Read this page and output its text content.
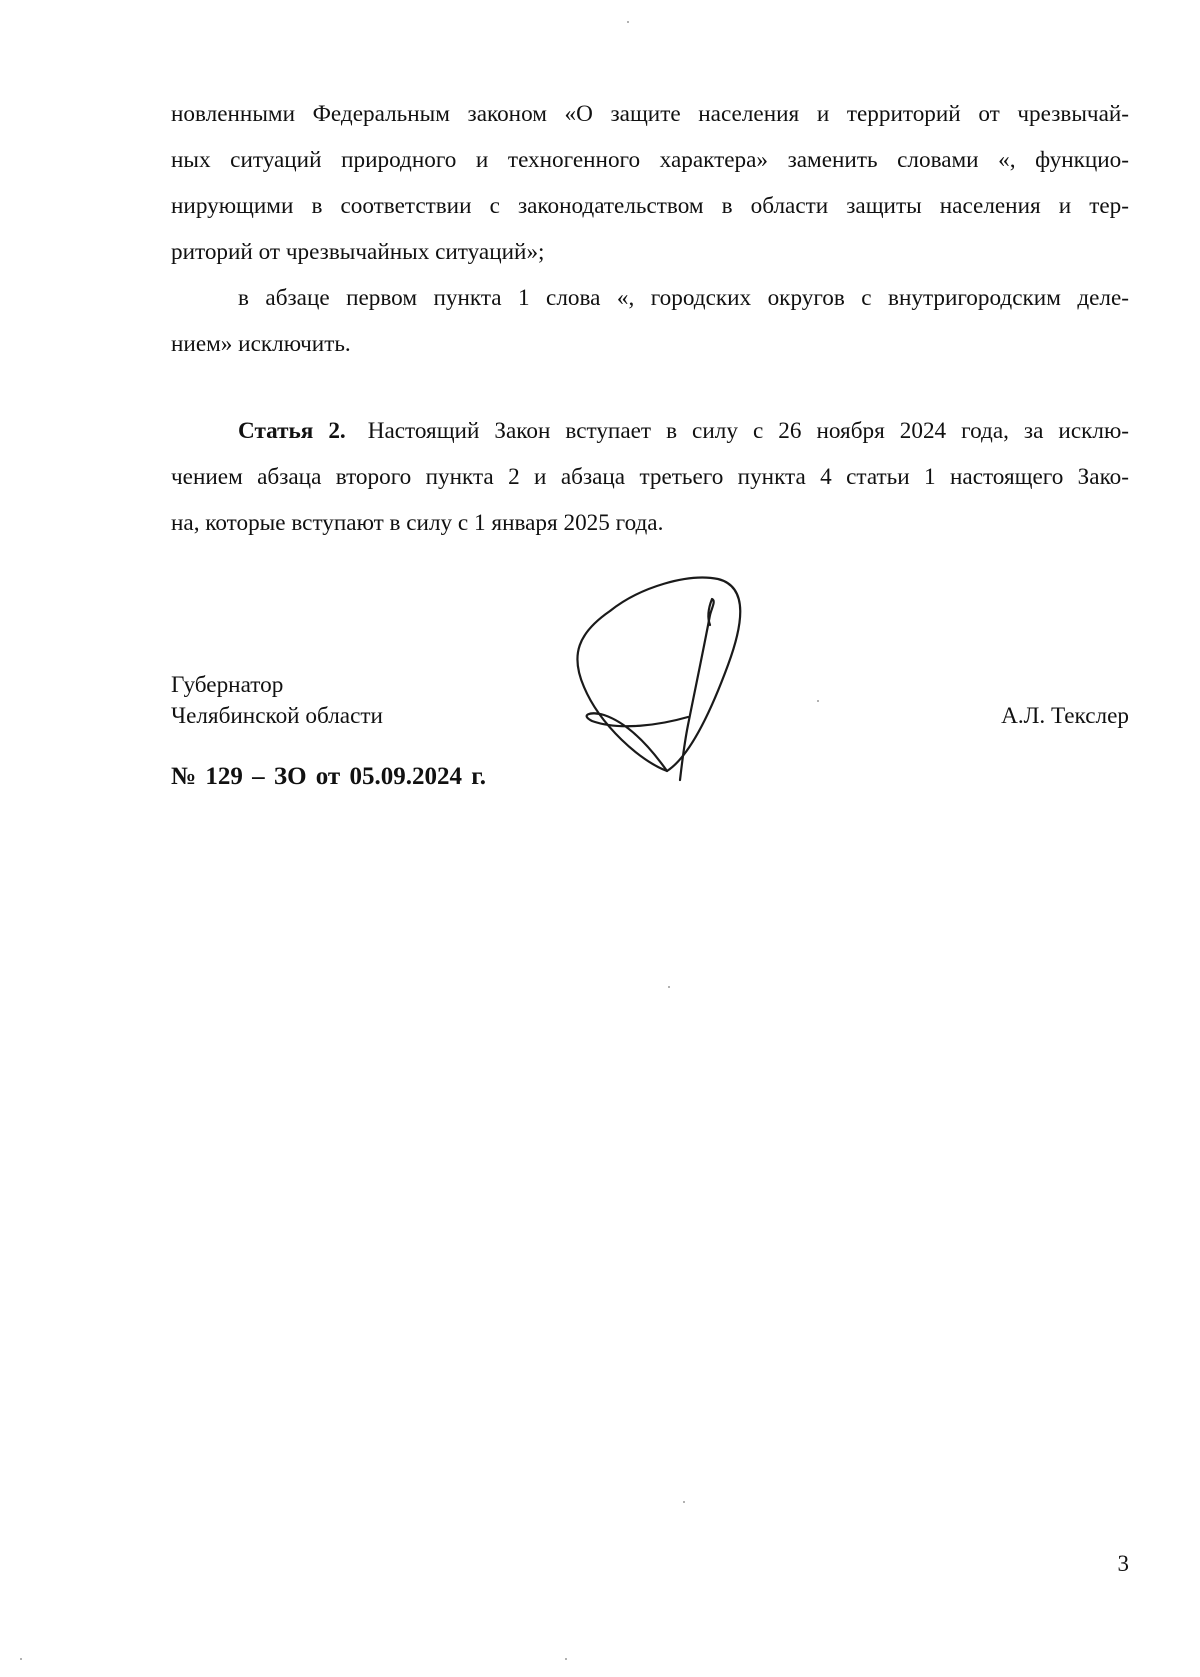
новленными Федеральным законом «О защите населения и территорий от чрезвычай-
ных ситуаций природного и техногенного характера» заменить словами «, функцио-
нирующими в соответствии с законодательством в области защиты населения и тер-
риторий от чрезвычайных ситуаций»;
в абзаце первом пункта 1 слова «, городских округов с внутригородским деле-
нием» исключить.
Статья 2. Настоящий Закон вступает в силу с 26 ноября 2024 года, за исклю-
чением абзаца второго пункта 2 и абзаца третьего пункта 4 статьи 1 настоящего Зако-
на, которые вступают в силу с 1 января 2025 года.
Губернатор
Челябинской области	А.Л. Текслер
№ 129 – ЗО от 05.09.2024 г.
3
